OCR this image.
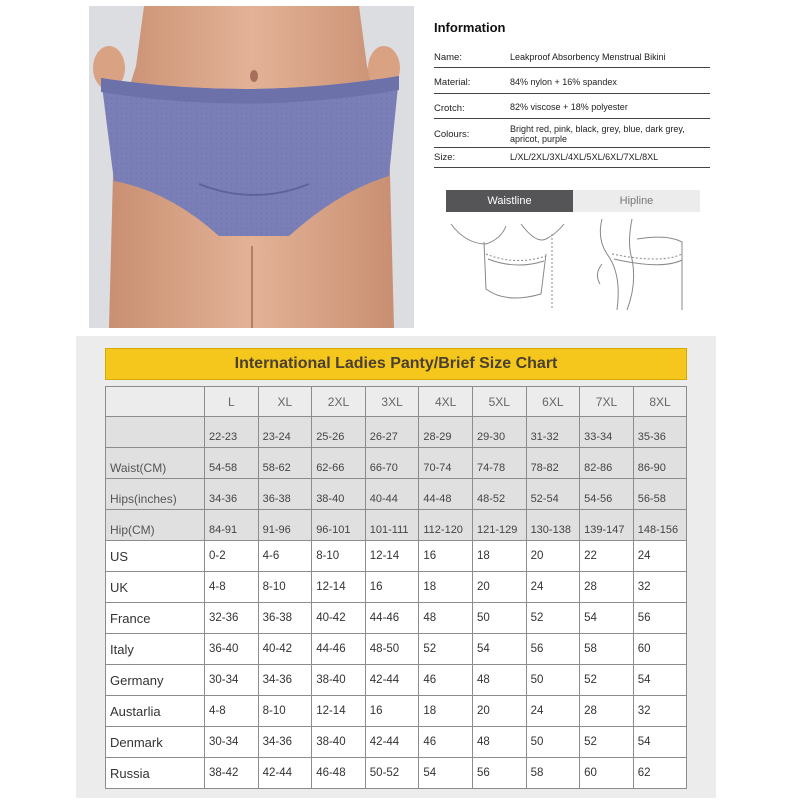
Information
Name:	Leakproof Absorbency Menstrual Bikini
Material:	84% nylon + 16% spandex
Crotch:	82% viscose + 18% polyester
Colours:	Bright red, pink, black, grey, blue, dark grey, apricot, purple
Size:	L/XL/2XL/3XL/4XL/5XL/6XL/7XL/8XL
Waistline	Hipline
International Ladies Panty/Brief Size Chart
	L	XL	2XL	3XL	4XL	5XL	6XL	7XL	8XL
	22-23	23-24	25-26	26-27	28-29	29-30	31-32	33-34	35-36
Waist(CM)	54-58	58-62	62-66	66-70	70-74	74-78	78-82	82-86	86-90
Hips(inches)	34-36	36-38	38-40	40-44	44-48	48-52	52-54	54-56	56-58
Hip(CM)	84-91	91-96	96-101	101-111	112-120	121-129	130-138	139-147	148-156
US	0-2	4-6	8-10	12-14	16	18	20	22	24
UK	4-8	8-10	12-14	16	18	20	24	28	32
France	32-36	36-38	40-42	44-46	48	50	52	54	56
Italy	36-40	40-42	44-46	48-50	52	54	56	58	60
Germany	30-34	34-36	38-40	42-44	46	48	50	52	54
Austarlia	4-8	8-10	12-14	16	18	20	24	28	32
Denmark	30-34	34-36	38-40	42-44	46	48	50	52	54
Russia	38-42	42-44	46-48	50-52	54	56	58	60	62
